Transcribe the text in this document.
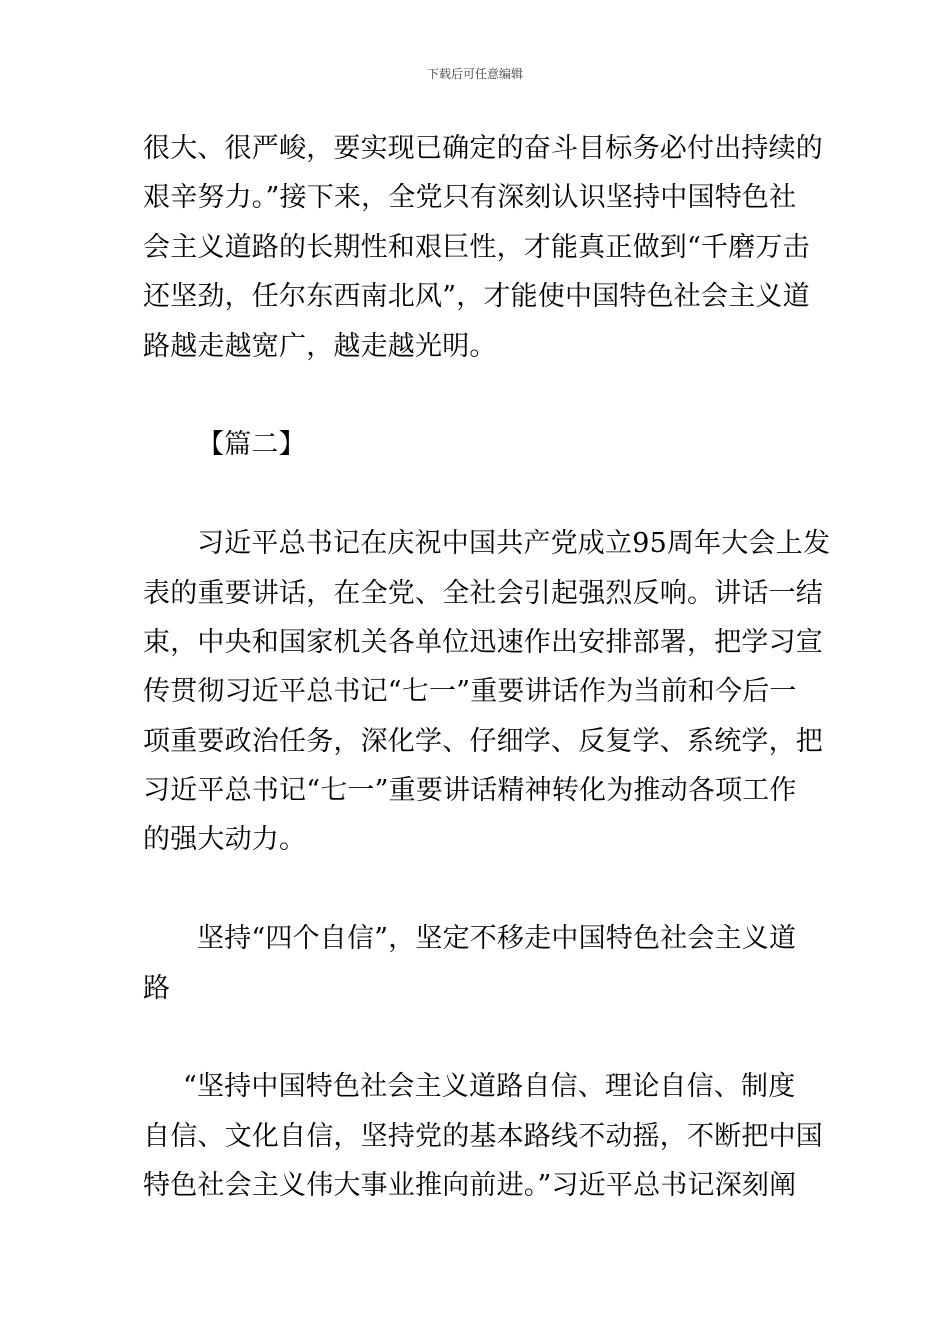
下载后可任意编辑
很大、很严峻，要实现已确定的奋斗目标务必付出持续的
艰辛努力。”接下来，全党只有深刻认识坚持中国特色社
会主义道路的长期性和艰巨性，才能真正做到“千磨万击
还坚劲，任尔东西南北风”，才能使中国特色社会主义道
路越走越宽广，越走越光明。
【篇二】
习近平总书记在庆祝中国共产党成立95周年大会上发
表的重要讲话，在全党、全社会引起强烈反响。讲话一结
束，中央和国家机关各单位迅速作出安排部署，把学习宣
传贯彻习近平总书记“七一”重要讲话作为当前和今后一
项重要政治任务，深化学、仔细学、反复学、系统学，把
习近平总书记“七一”重要讲话精神转化为推动各项工作
的强大动力。
坚持“四个自信”，坚定不移走中国特色社会主义道
路
“坚持中国特色社会主义道路自信、理论自信、制度
自信、文化自信，坚持党的基本路线不动摇，不断把中国
特色社会主义伟大事业推向前进。”习近平总书记深刻阐
